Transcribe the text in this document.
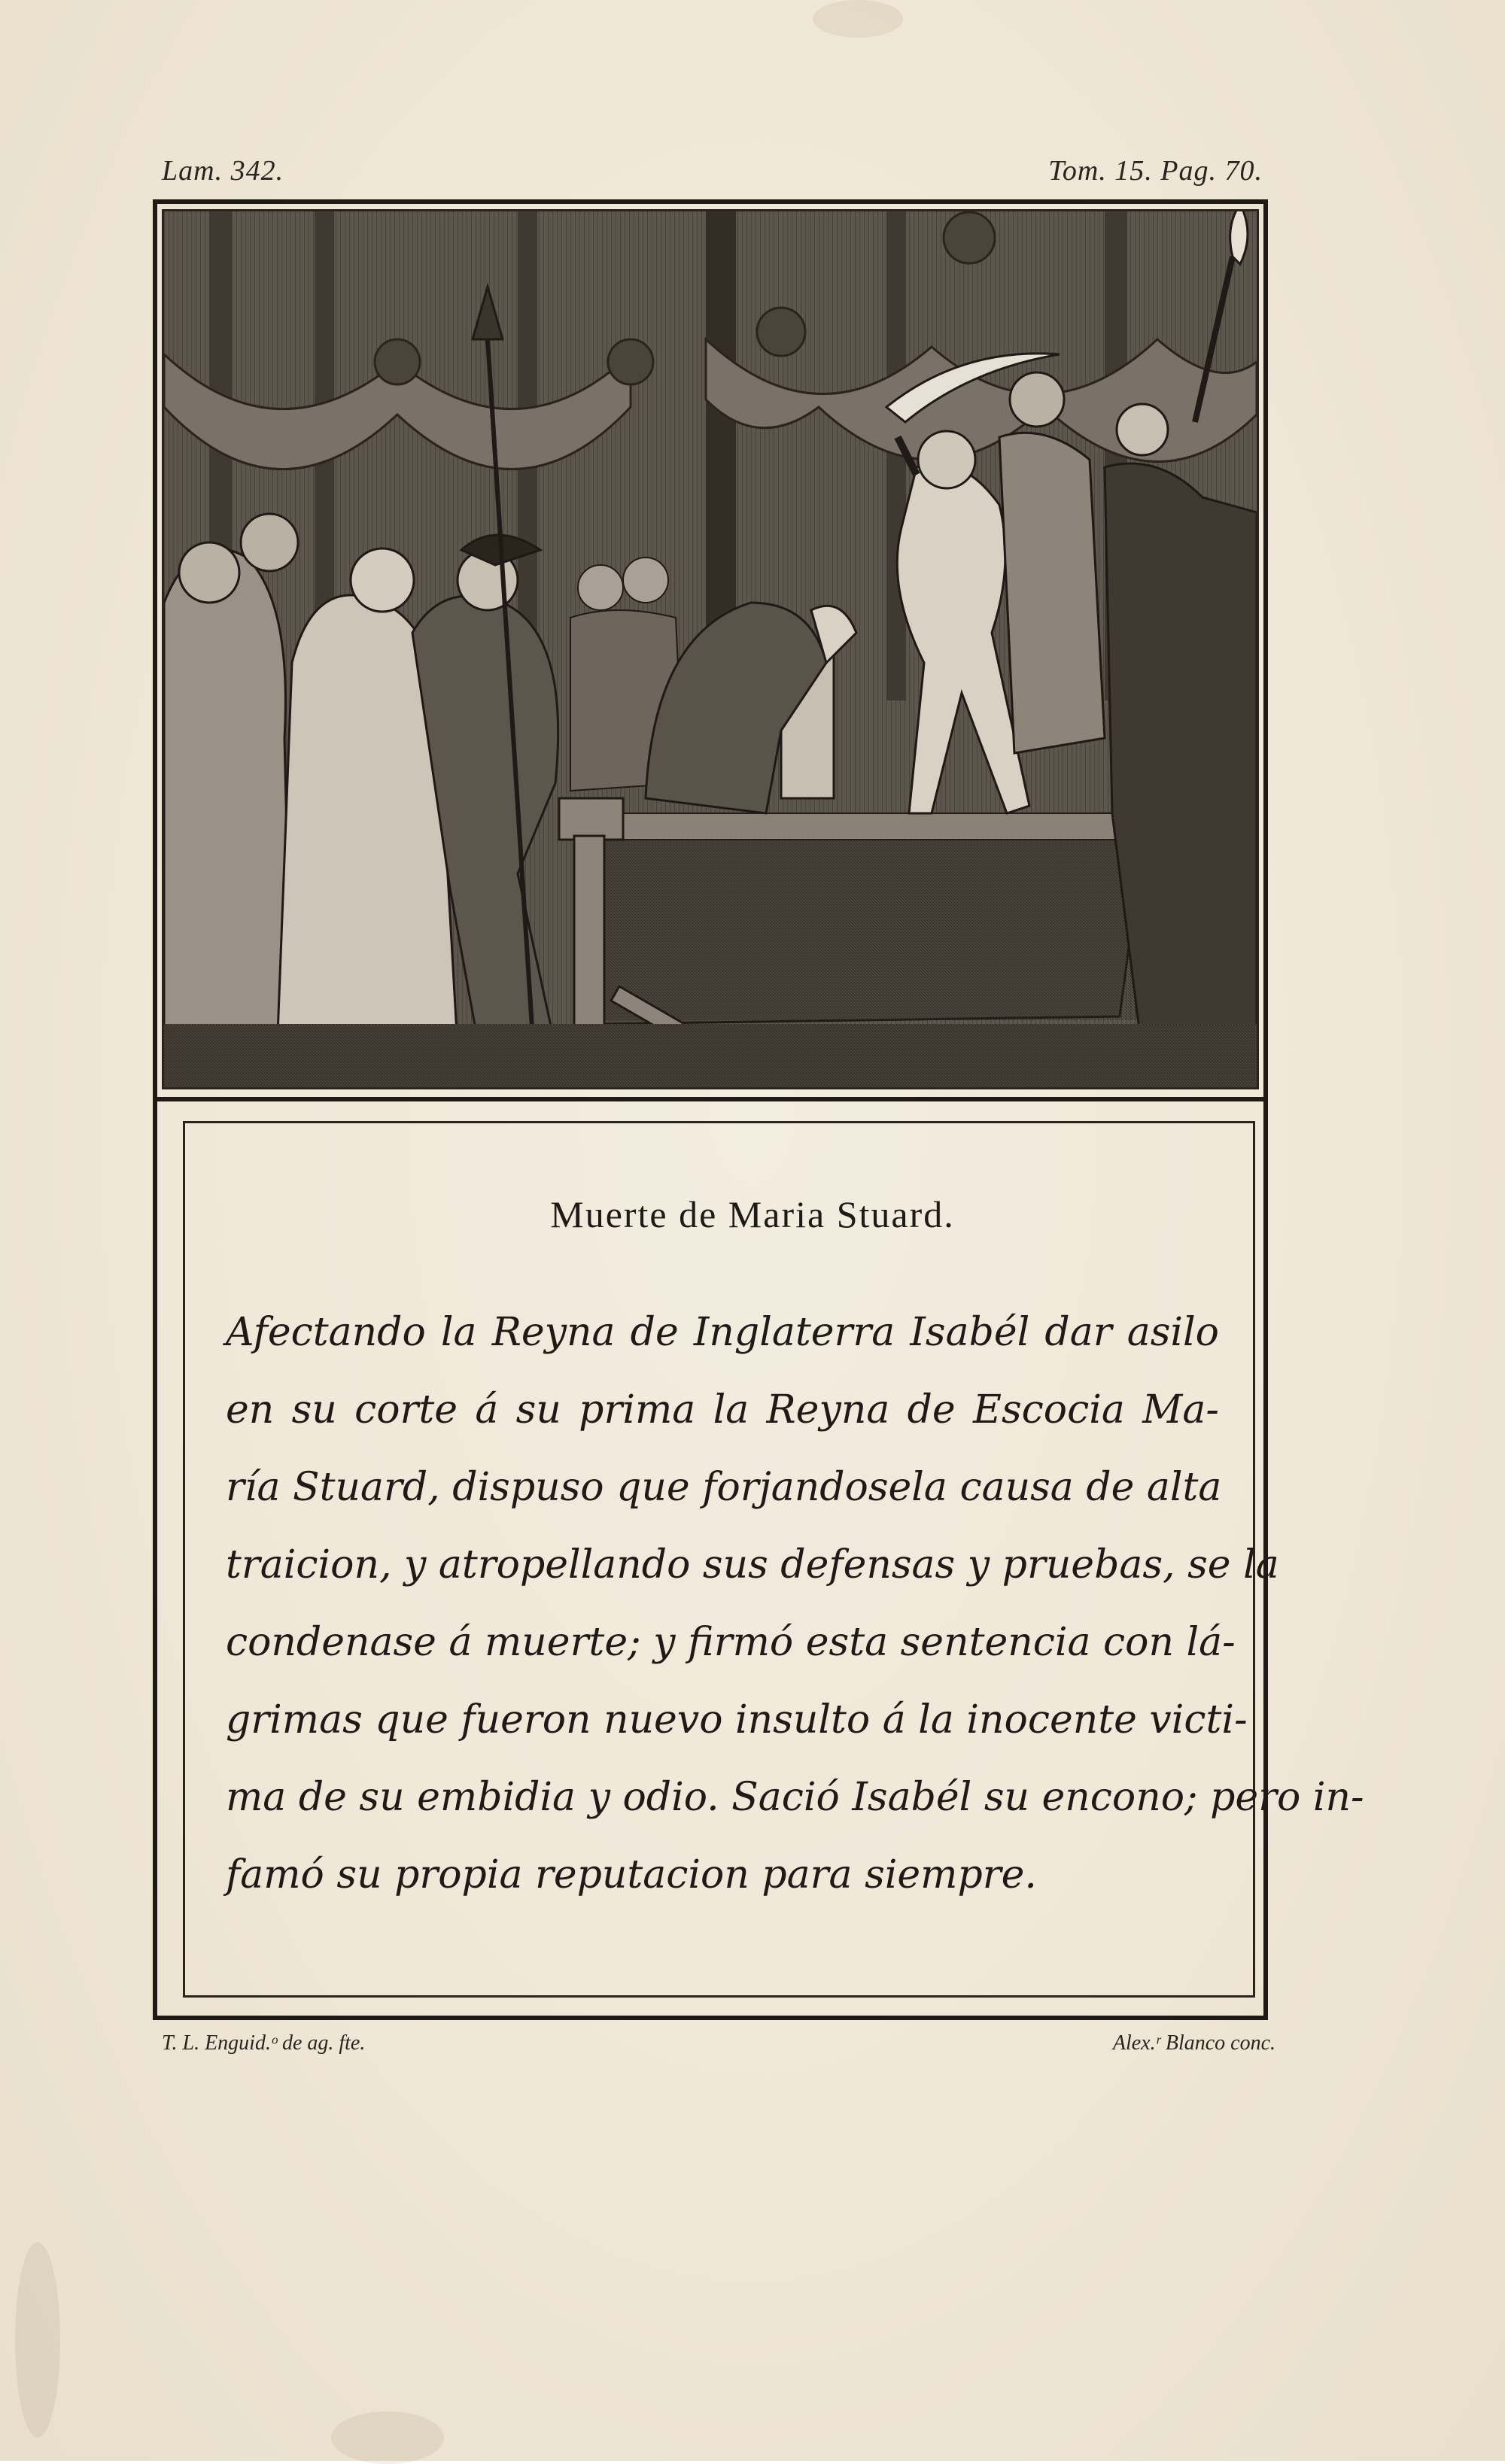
Lam. 342.	Tom. 15. Pag. 70.
Muerte de Maria Stuard.
Afectando la Reyna de Inglaterra Isabél dar asilo
en su corte á su prima la Reyna de Escocia Ma-
ría Stuard, dispuso que forjandosela causa de alta
traicion, y atropellando sus defensas y pruebas, se la
condenase á muerte; y firmó esta sentencia con lá-
grimas que fueron nuevo insulto á la inocente victi-
ma de su embidia y odio. Sació Isabél su encono; pero in-
famó su propia reputacion para siempre.
T. L. Enguid.ᵒ de ag. fte.	Alex.ʳ Blanco conc.
